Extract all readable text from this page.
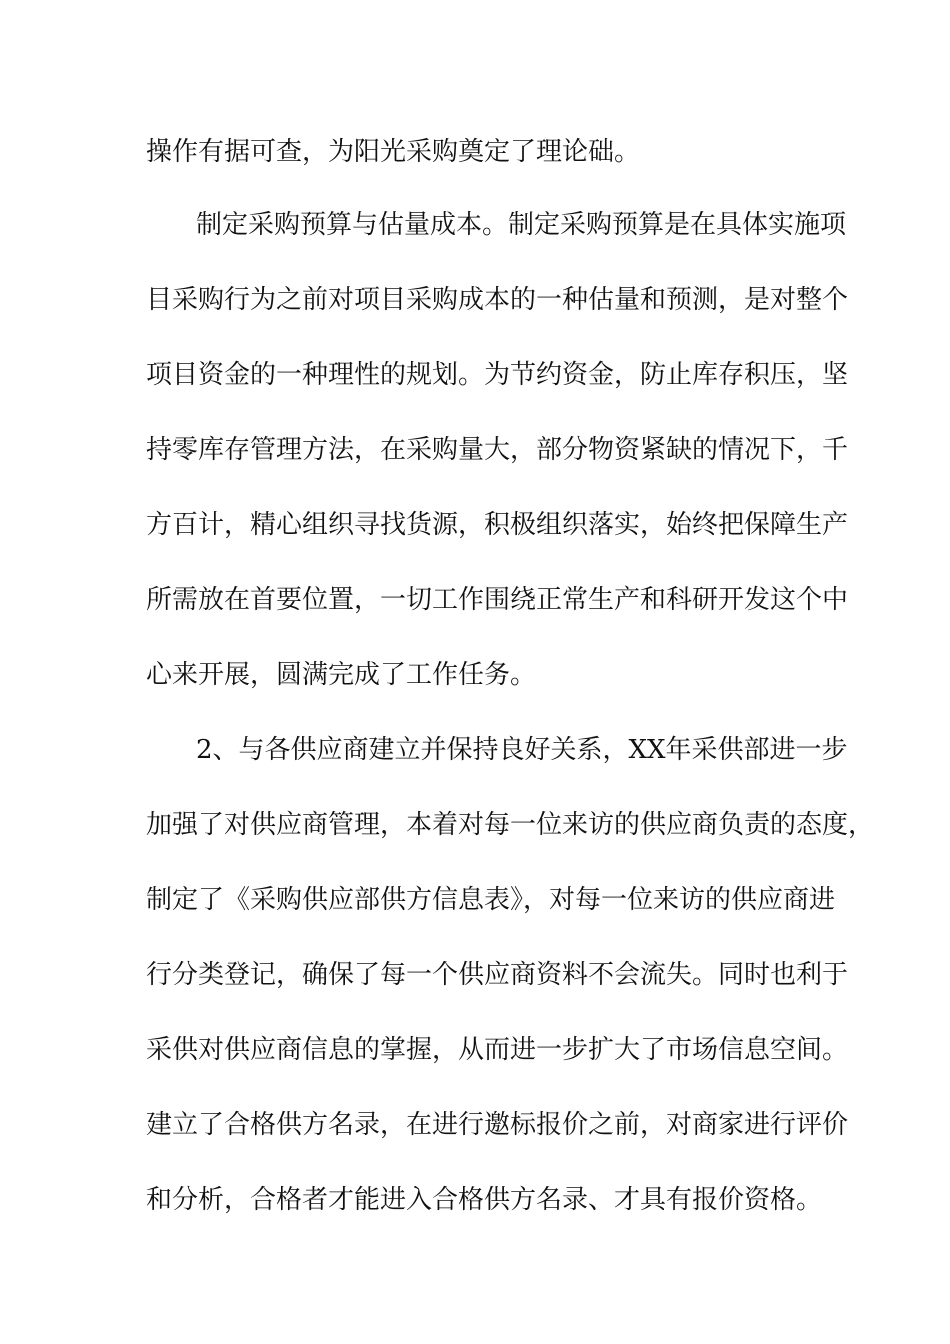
操作有据可查，为阳光采购奠定了理论础。
制定采购预算与估量成本。制定采购预算是在具体实施项
目采购行为之前对项目采购成本的一种估量和预测，是对整个
项目资金的一种理性的规划。为节约资金，防止库存积压，坚
持零库存管理方法，在采购量大，部分物资紧缺的情况下，千
方百计，精心组织寻找货源，积极组织落实，始终把保障生产
所需放在首要位置，一切工作围绕正常生产和科研开发这个中
心来开展，圆满完成了工作任务。
2、与各供应商建立并保持良好关系，XX年采供部进一步
加强了对供应商管理，本着对每一位来访的供应商负责的态度，
制定了《采购供应部供方信息表》，对每一位来访的供应商进
行分类登记，确保了每一个供应商资料不会流失。同时也利于
采供对供应商信息的掌握，从而进一步扩大了市场信息空间。
建立了合格供方名录，在进行邀标报价之前，对商家进行评价
和分析，合格者才能进入合格供方名录、才具有报价资格。
